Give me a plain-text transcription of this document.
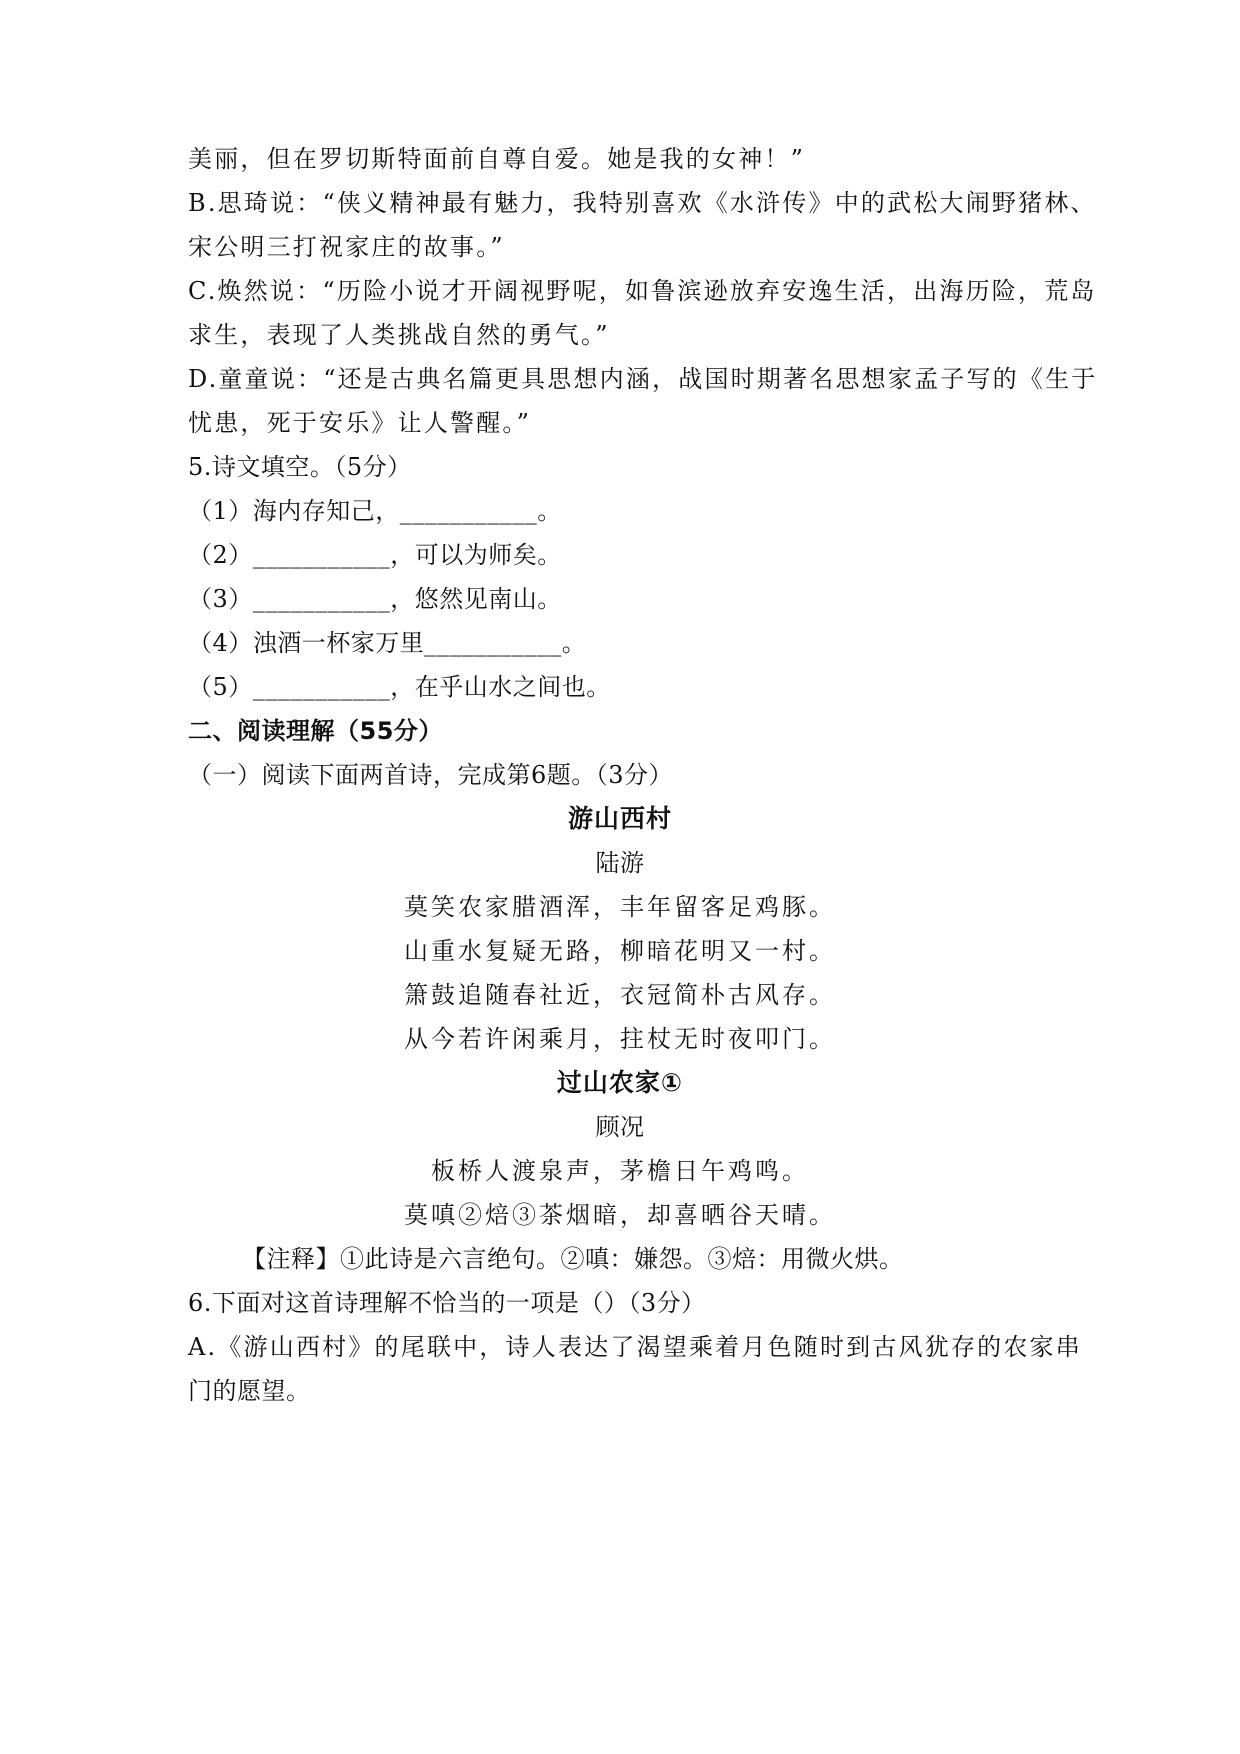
美丽，但在罗切斯特面前自尊自爱。她是我的女神！”
B.思琦说：“侠义精神最有魅力，我特别喜欢《水浒传》中的武松大闹野猪林、
宋公明三打祝家庄的故事。”
C.焕然说：“历险小说才开阔视野呢，如鲁滨逊放弃安逸生活，出海历险，荒岛
求生，表现了人类挑战自然的勇气。”
D.童童说：“还是古典名篇更具思想内涵，战国时期著名思想家孟子写的《生于
忧患，死于安乐》让人警醒。”
5.诗文填空。（5分）
（1）海内存知己，___________。
（2）___________，可以为师矣。
（3）___________，悠然见南山。
（4）浊酒一杯家万里___________。
（5）___________，在乎山水之间也。
二、阅读理解（55分）
（一）阅读下面两首诗，完成第6题。（3分）
游山西村
陆游
莫笑农家腊酒浑，丰年留客足鸡豚。
山重水复疑无路，柳暗花明又一村。
箫鼓追随春社近，衣冠简朴古风存。
从今若许闲乘月，拄杖无时夜叩门。
过山农家①
顾况
板桥人渡泉声，茅檐日午鸡鸣。
莫嗔②焙③茶烟暗，却喜晒谷天晴。
【注释】①此诗是六言绝句。②嗔：嫌怨。③焙：用微火烘。
6.下面对这首诗理解不恰当的一项是（）（3分）
A.《游山西村》的尾联中，诗人表达了渴望乘着月色随时到古风犹存的农家串
门的愿望。
